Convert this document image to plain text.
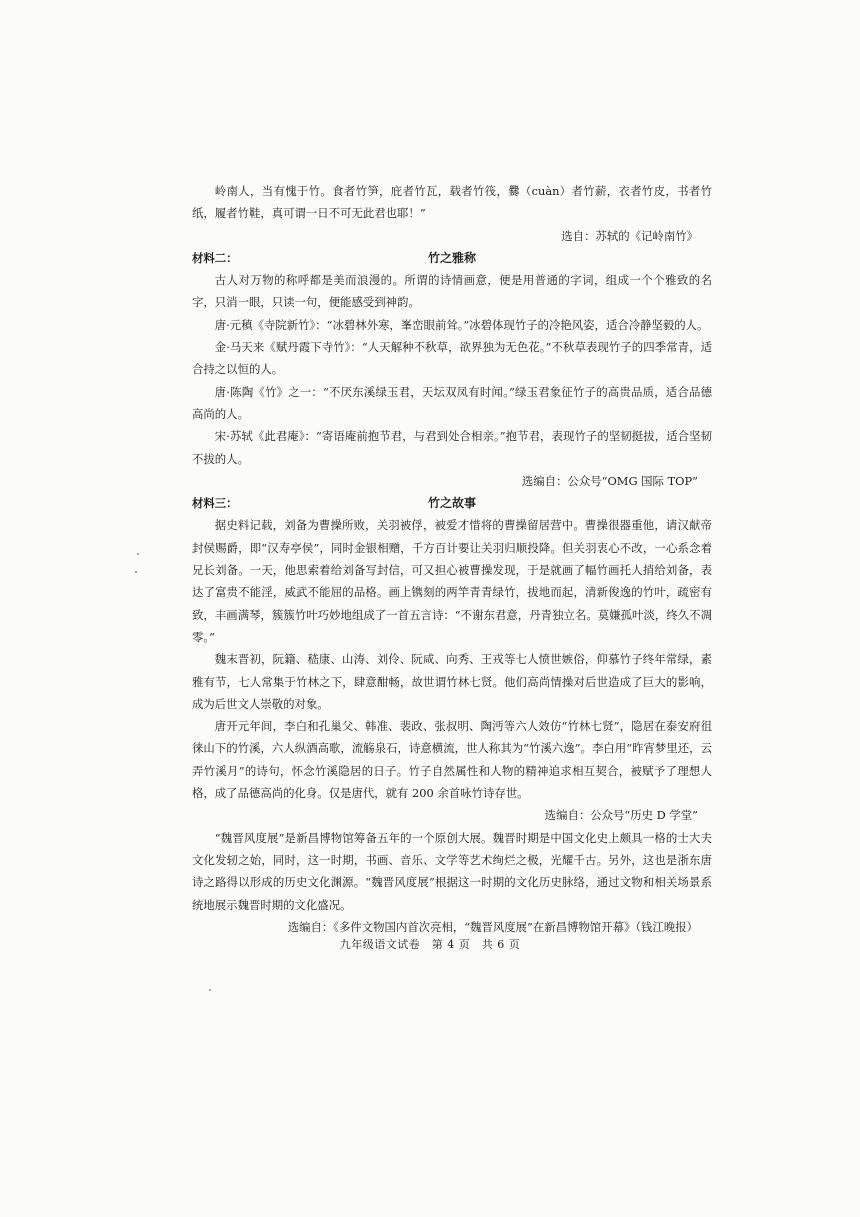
岭南人，当有愧于竹。食者竹笋，庇者竹瓦，载者竹筏，爨（cuàn）者竹薪，衣者竹皮，书者竹纸，履者竹鞋，真可谓一日不可无此君也耶！”

选自：苏轼的《记岭南竹》

材料二：	竹之雅称

古人对万物的称呼都是美而浪漫的。所谓的诗情画意，便是用普通的字词，组成一个个雅致的名字，只消一眼，只读一句，便能感受到神韵。

唐·元稹《寺院新竹》：“冰碧林外寒，峯峦眼前耸。”冰碧体现竹子的冷艳风姿，适合冷静坚毅的人。

金·马天来《赋丹霞下寺竹》：“人天解种不秋草，欲界独为无色花。”不秋草表现竹子的四季常青，适合持之以恒的人。

唐·陈陶《竹》之一：“不厌东溪绿玉君，天坛双凤有时闻。”绿玉君象征竹子的高贵品质，适合品德高尚的人。

宋·苏轼《此君庵》：“寄语庵前抱节君，与君到处合相亲。”抱节君，表现竹子的坚韧挺拔，适合坚韧不拔的人。

选编自：公众号“OMG 国际 TOP”

材料三：	竹之故事

据史料记载，刘备为曹操所败，关羽被俘，被爱才惜将的曹操留居营中。曹操很器重他，请汉献帝封侯赐爵，即“汉寿亭侯”，同时金银相赠，千方百计要让关羽归顺投降。但关羽衷心不改，一心系念着兄长刘备。一天，他思索着给刘备写封信，可又担心被曹操发现，于是就画了幅竹画托人捎给刘备，表达了富贵不能淫，威武不能屈的品格。画上镌刻的两竿青青绿竹，拔地而起，清新俊逸的竹叶，疏密有致，丰画满琴，簇簇竹叶巧妙地组成了一首五言诗：“不谢东君意，丹青独立名。莫嫌孤叶淡，终久不凋零。”

魏末晋初，阮籍、嵇康、山涛、刘伶、阮咸、向秀、王戎等七人愤世嫉俗，仰慕竹子终年常绿，素雅有节，七人常集于竹林之下，肆意酣畅，故世谓竹林七贤。他们高尚情操对后世造成了巨大的影响，成为后世文人崇敬的对象。

唐开元年间，李白和孔巢父、韩准、裴政、张叔明、陶沔等六人效仿“竹林七贤”，隐居在泰安府徂徕山下的竹溪，六人纵酒高歌，流觞泉石，诗意横流，世人称其为“竹溪六逸”。李白用“昨宵梦里还，云弄竹溪月”的诗句，怀念竹溪隐居的日子。竹子自然属性和人物的精神追求相互契合，被赋予了理想人格，成了品德高尚的化身。仅是唐代，就有 200 余首咏竹诗存世。

选编自：公众号“历史 D 学堂”

“魏晋风度展”是新昌博物馆筹备五年的一个原创大展。魏晋时期是中国文化史上颇具一格的士大夫文化发轫之始，同时，这一时期，书画、音乐、文学等艺术绚烂之极，光耀千古。另外，这也是浙东唐诗之路得以形成的历史文化渊源。“魏晋风度展”根据这一时期的文化历史脉络，通过文物和相关场景系统地展示魏晋时期的文化盛况。

选编自：《多件文物国内首次亮相，“魏晋风度展”在新昌博物馆开幕》（钱江晚报）

九年级语文试卷　第 4 页　共 6 页
